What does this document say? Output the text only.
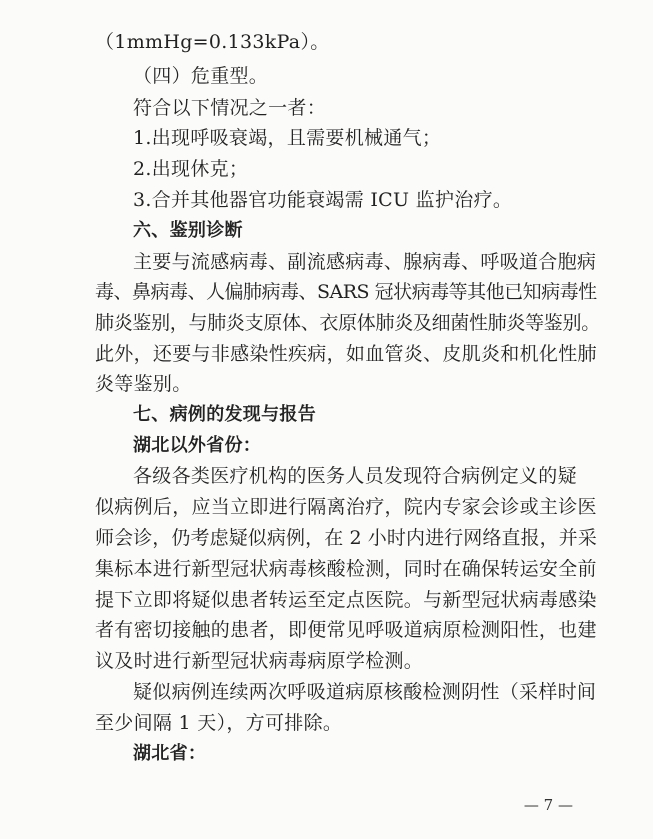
（1mmHg=0.133kPa）。
（四）危重型。
符合以下情况之一者：
1.出现呼吸衰竭，且需要机械通气；
2.出现休克；
3.合并其他器官功能衰竭需 ICU 监护治疗。
六、鉴别诊断
主要与流感病毒、副流感病毒、腺病毒、呼吸道合胞病
毒、鼻病毒、人偏肺病毒、SARS 冠状病毒等其他已知病毒性
肺炎鉴别，与肺炎支原体、衣原体肺炎及细菌性肺炎等鉴别。
此外，还要与非感染性疾病，如血管炎、皮肌炎和机化性肺
炎等鉴别。
七、病例的发现与报告
湖北以外省份：
各级各类医疗机构的医务人员发现符合病例定义的疑
似病例后，应当立即进行隔离治疗，院内专家会诊或主诊医
师会诊，仍考虑疑似病例，在 2 小时内进行网络直报，并采
集标本进行新型冠状病毒核酸检测，同时在确保转运安全前
提下立即将疑似患者转运至定点医院。与新型冠状病毒感染
者有密切接触的患者，即便常见呼吸道病原检测阳性，也建
议及时进行新型冠状病毒病原学检测。
疑似病例连续两次呼吸道病原核酸检测阴性（采样时间
至少间隔 1 天），方可排除。
湖北省：
— 7 —
